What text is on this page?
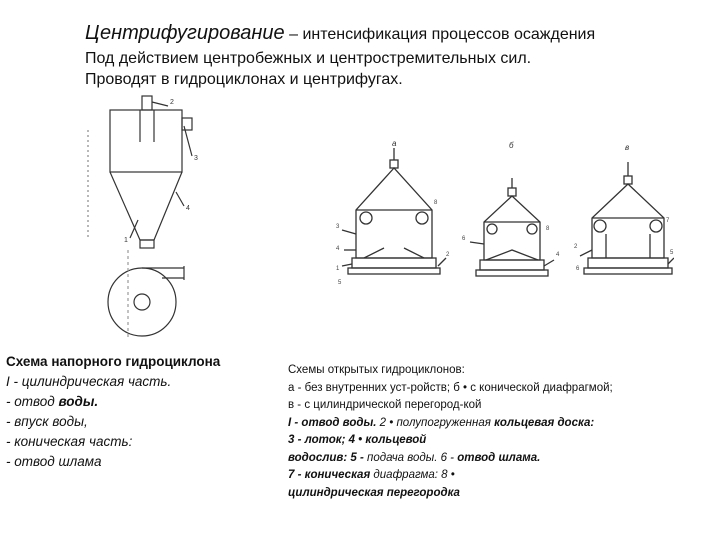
Центрифугирование – интенсификация процессов осаждения
Под действием центробежных и центростремительных сил.
Проводят в гидроциклонах и центрифугах.
2
3
4
1
а	б	в
3
4
8
1
2
5
6
8
4
2
5
7
6
Схема напорного гидроциклона
I - цилиндрическая часть.
- отвод воды.
- впуск воды,
- коническая часть:
- отвод шлама
Схемы открытых гидроциклонов:
а - без внутренних уст-ройств; б • с конической диафрагмой;
в - с цилиндрической перегород-кой
I - отвод воды. 2 • полупогруженная кольцевая доска:
3 - лоток; 4 • кольцевой
водослив: 5 - подача воды. 6 - отвод шлама.
7 - коническая диафрагма: 8 •
цилиндрическая перегородка
